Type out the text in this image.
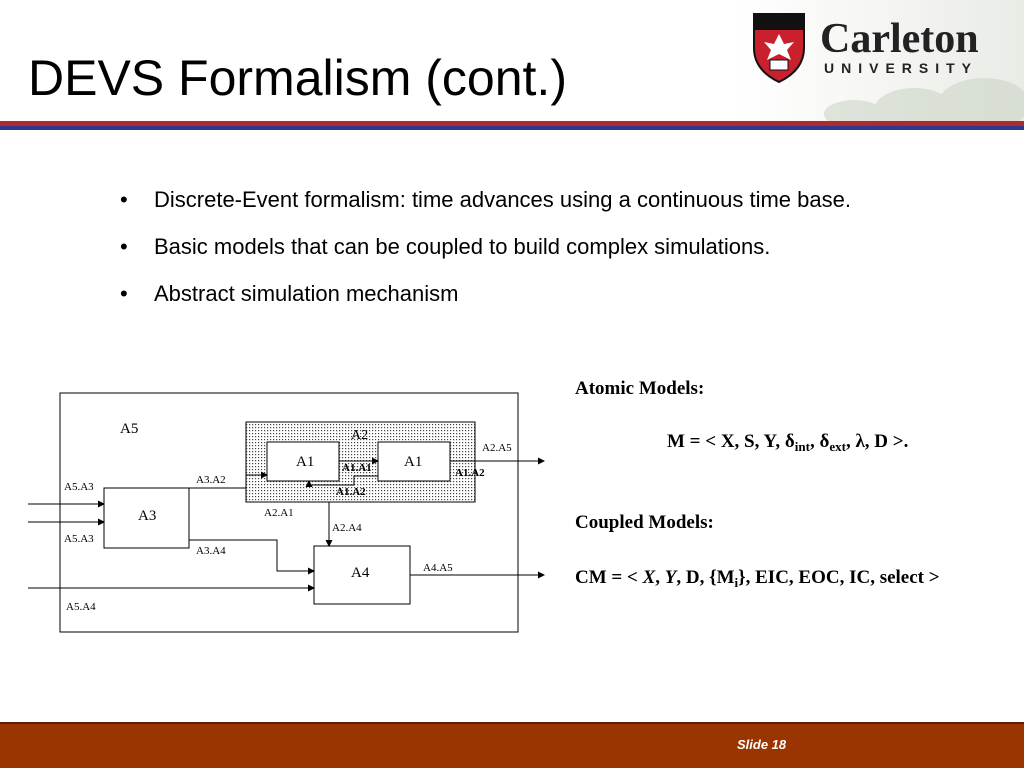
DEVS Formalism (cont.)
Carleton
UNIVERSITY
• Discrete-Event formalism: time advances using a continuous time base.
• Basic models that can be coupled to build complex simulations.
• Abstract simulation mechanism
A5	A2
A1	A1
A3
A4
A5.A3
A5.A3
A5.A4
A3.A2
A2.A1
A3.A4
A1.A1
A1.A2
A1.A2
A2.A5
A2.A4
A4.A5
Atomic Models:
M = < X, S, Y, $\delta_{int}$, $\delta_{ext}$, λ, D >.
Coupled Models:
CM = < X, Y, D, $\{M_i\}$, EIC, EOC, IC, select >
Slide 18
